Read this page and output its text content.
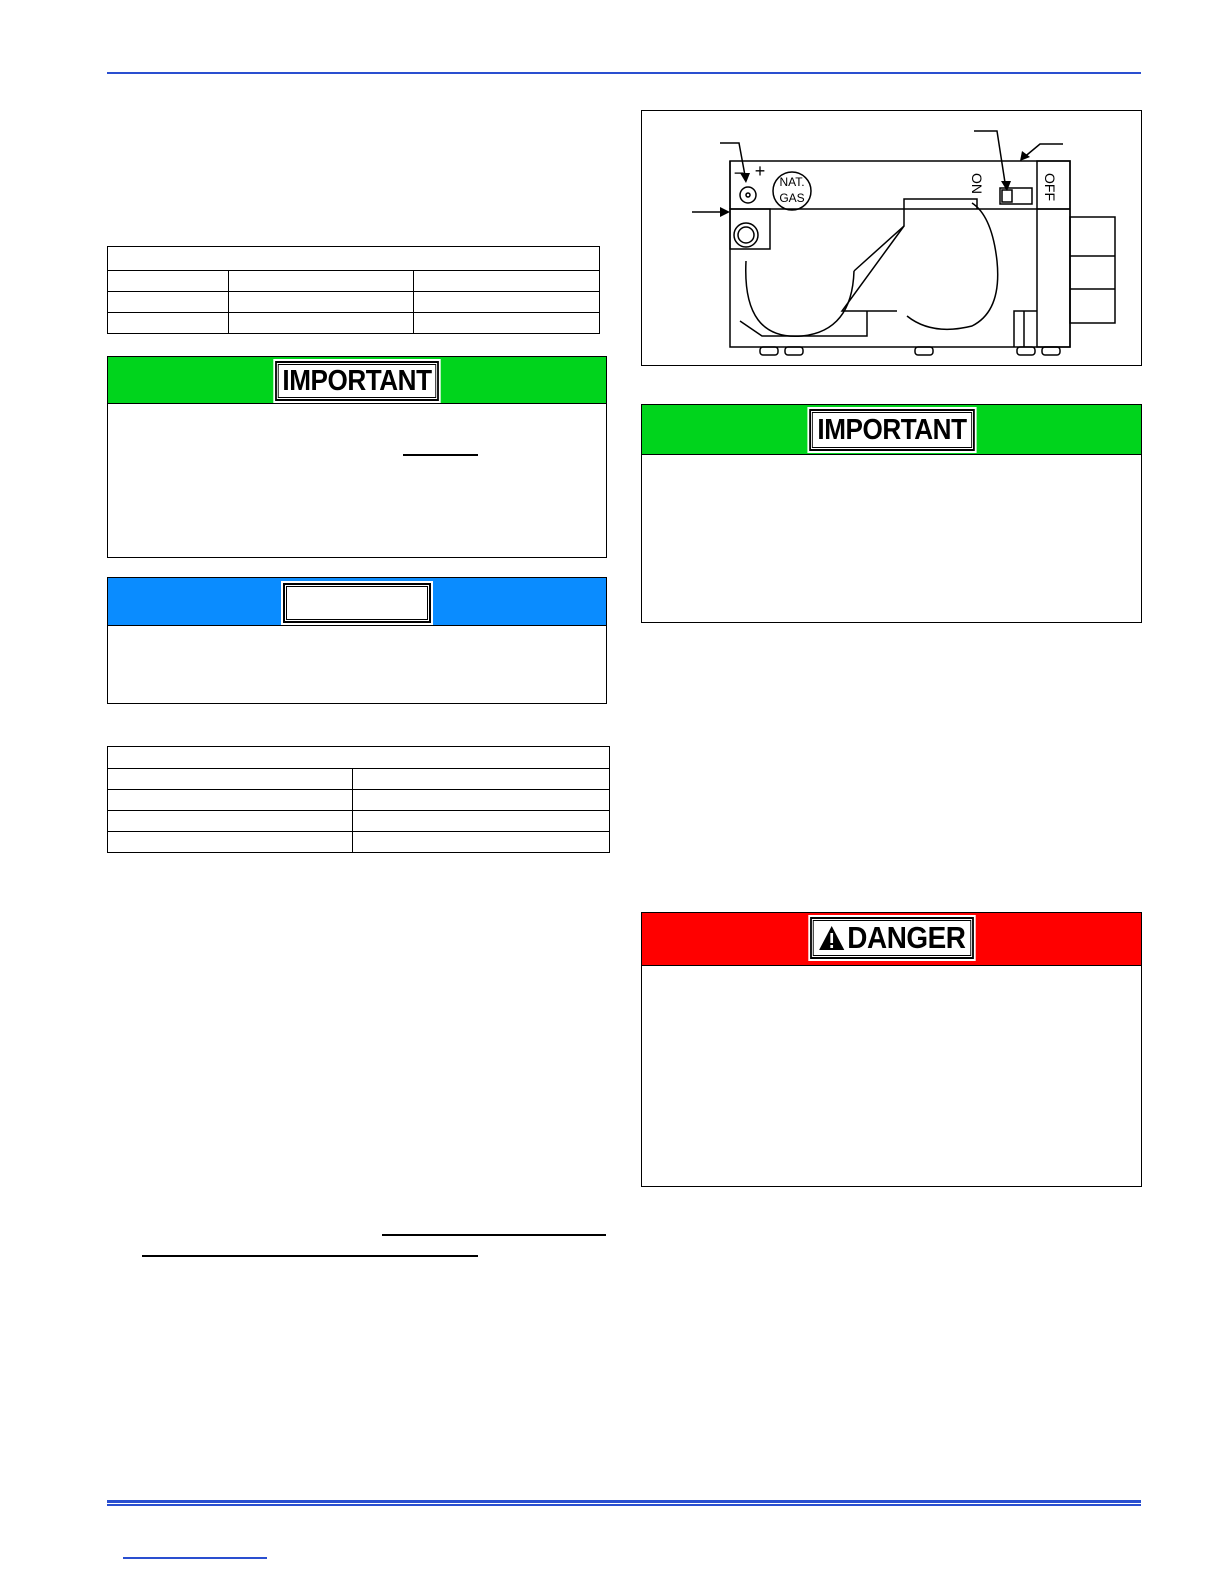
IMPORTANT

NAT.
GAS
+
−	ON	OFF
IMPORTANT
DANGER
